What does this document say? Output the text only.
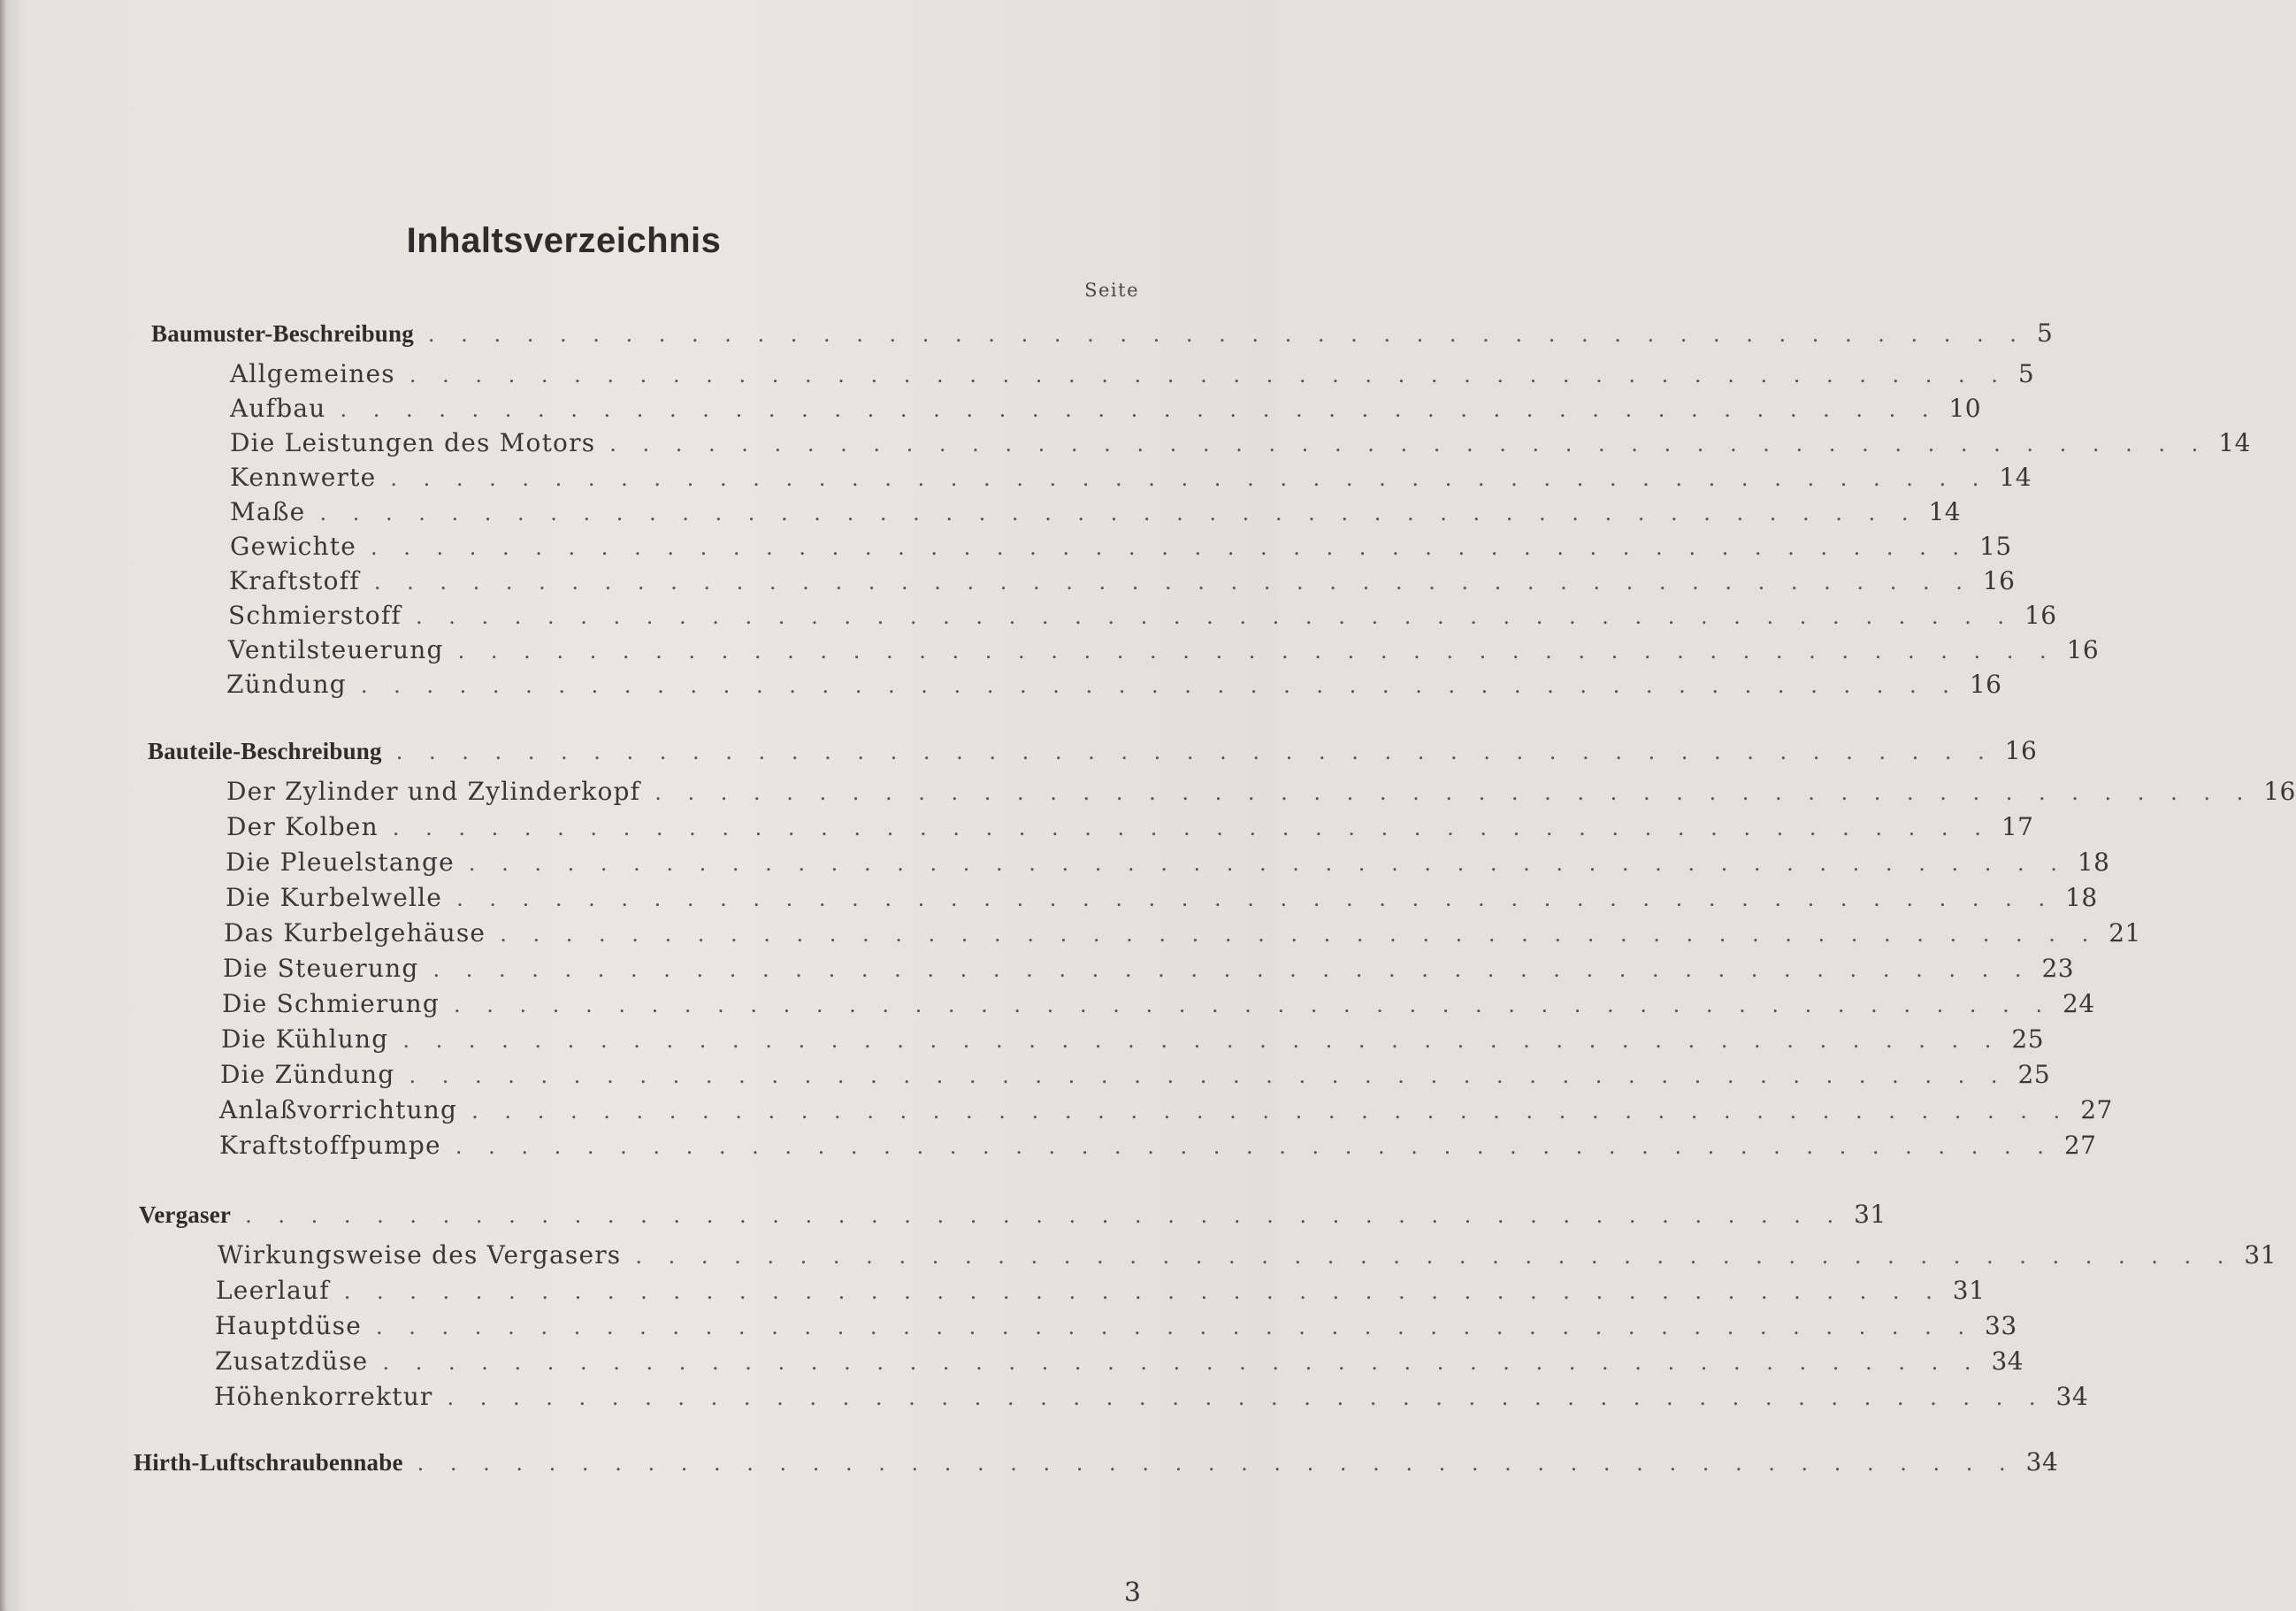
Inhaltsverzeichnis
Seite
Baumuster-Beschreibung . . . . . . . . . . . . . . . . . . . . . . . . . . . . . . . . . . . . . . . . . . . . . . . . . 5
Allgemeines . . . . . . . . . . . . . . . . . . . . . . . . . . . . . . . . . . . . . . . . . . . . . . . . . 5
Aufbau . . . . . . . . . . . . . . . . . . . . . . . . . . . . . . . . . . . . . . . . . . . . . . . . . 10
Die Leistungen des Motors . . . . . . . . . . . . . . . . . . . . . . . . . . . . . . . . . . . . . . . . . . . . . . . . . 14
Kennwerte . . . . . . . . . . . . . . . . . . . . . . . . . . . . . . . . . . . . . . . . . . . . . . . . . 14
Maße . . . . . . . . . . . . . . . . . . . . . . . . . . . . . . . . . . . . . . . . . . . . . . . . . 14
Gewichte . . . . . . . . . . . . . . . . . . . . . . . . . . . . . . . . . . . . . . . . . . . . . . . . . 15
Kraftstoff . . . . . . . . . . . . . . . . . . . . . . . . . . . . . . . . . . . . . . . . . . . . . . . . . 16
Schmierstoff . . . . . . . . . . . . . . . . . . . . . . . . . . . . . . . . . . . . . . . . . . . . . . . . . 16
Ventilsteuerung . . . . . . . . . . . . . . . . . . . . . . . . . . . . . . . . . . . . . . . . . . . . . . . . . 16
Zündung . . . . . . . . . . . . . . . . . . . . . . . . . . . . . . . . . . . . . . . . . . . . . . . . . 16
Bauteile-Beschreibung . . . . . . . . . . . . . . . . . . . . . . . . . . . . . . . . . . . . . . . . . . . . . . . . . 16
Der Zylinder und Zylinderkopf . . . . . . . . . . . . . . . . . . . . . . . . . . . . . . . . . . . . . . . . . . . . . . . . . 16
Der Kolben . . . . . . . . . . . . . . . . . . . . . . . . . . . . . . . . . . . . . . . . . . . . . . . . . 17
Die Pleuelstange . . . . . . . . . . . . . . . . . . . . . . . . . . . . . . . . . . . . . . . . . . . . . . . . . 18
Die Kurbelwelle . . . . . . . . . . . . . . . . . . . . . . . . . . . . . . . . . . . . . . . . . . . . . . . . . 18
Das Kurbelgehäuse . . . . . . . . . . . . . . . . . . . . . . . . . . . . . . . . . . . . . . . . . . . . . . . . . 21
Die Steuerung . . . . . . . . . . . . . . . . . . . . . . . . . . . . . . . . . . . . . . . . . . . . . . . . . 23
Die Schmierung . . . . . . . . . . . . . . . . . . . . . . . . . . . . . . . . . . . . . . . . . . . . . . . . . 24
Die Kühlung . . . . . . . . . . . . . . . . . . . . . . . . . . . . . . . . . . . . . . . . . . . . . . . . . 25
Die Zündung . . . . . . . . . . . . . . . . . . . . . . . . . . . . . . . . . . . . . . . . . . . . . . . . . 25
Anlaßvorrichtung . . . . . . . . . . . . . . . . . . . . . . . . . . . . . . . . . . . . . . . . . . . . . . . . . 27
Kraftstoffpumpe . . . . . . . . . . . . . . . . . . . . . . . . . . . . . . . . . . . . . . . . . . . . . . . . . 27
Vergaser . . . . . . . . . . . . . . . . . . . . . . . . . . . . . . . . . . . . . . . . . . . . . . . . . 31
Wirkungsweise des Vergasers . . . . . . . . . . . . . . . . . . . . . . . . . . . . . . . . . . . . . . . . . . . . . . . . . 31
Leerlauf . . . . . . . . . . . . . . . . . . . . . . . . . . . . . . . . . . . . . . . . . . . . . . . . . 31
Hauptdüse . . . . . . . . . . . . . . . . . . . . . . . . . . . . . . . . . . . . . . . . . . . . . . . . . 33
Zusatzdüse . . . . . . . . . . . . . . . . . . . . . . . . . . . . . . . . . . . . . . . . . . . . . . . . . 34
Höhenkorrektur . . . . . . . . . . . . . . . . . . . . . . . . . . . . . . . . . . . . . . . . . . . . . . . . . 34
Hirth-Luftschraubennabe . . . . . . . . . . . . . . . . . . . . . . . . . . . . . . . . . . . . . . . . . . . . . . . . . 34
3
